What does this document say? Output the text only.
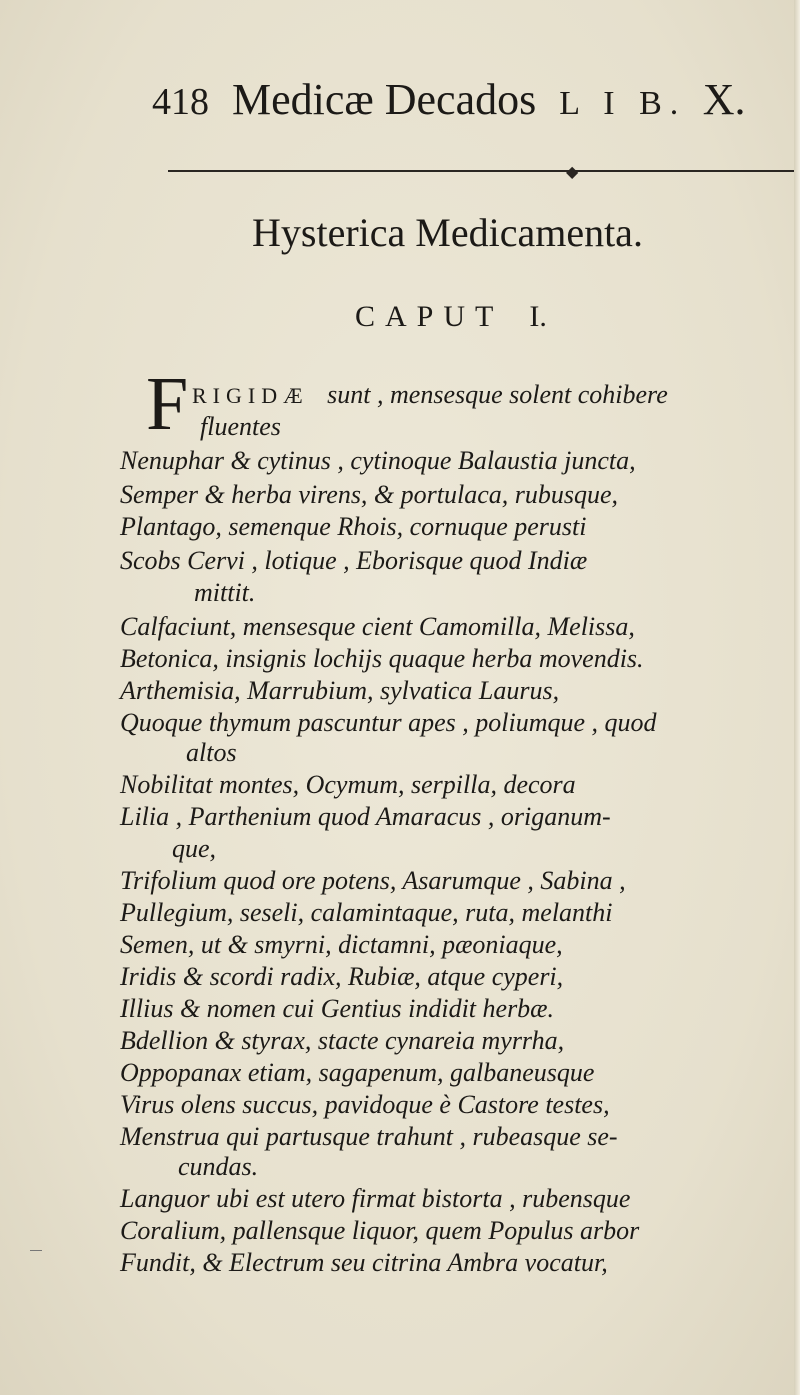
418 Medicæ Decados L I B. X.
◆
Hysterica Medicamenta.
CAPUT I.
F RIGIDÆ sunt , mensesque solent cohibere
fluentes
Nenuphar & cytinus , cytinoque Balaustia juncta,
Semper & herba virens, & portulaca, rubusque,
Plantago, semenque Rhois, cornuque perusti
Scobs Cervi , lotique , Eborisque quod Indiæ
mittit.
Calfaciunt, mensesque cient Camomilla, Melissa,
Betonica, insignis lochijs quaque herba movendis.
Arthemisia, Marrubium, sylvatica Laurus,
Quoque thymum pascuntur apes , poliumque , quod
altos
Nobilitat montes, Ocymum, serpilla, decora
Lilia , Parthenium quod Amaracus , origanum-
que,
Trifolium quod ore potens, Asarumque , Sabina ,
Pullegium, seseli, calamintaque, ruta, melanthi
Semen, ut & smyrni, dictamni, pæoniaque,
Iridis & scordi radix, Rubiæ, atque cyperi,
Illius & nomen cui Gentius indidit herbæ.
Bdellion & styrax, stacte cynareia myrrha,
Oppopanax etiam, sagapenum, galbaneusque
Virus olens succus, pavidoque è Castore testes,
Menstrua qui partusque trahunt , rubeasque se-
cundas.
Languor ubi est utero firmat bistorta , rubensque
Coralium, pallensque liquor, quem Populus arbor
Fundit, & Electrum seu citrina Ambra vocatur,
